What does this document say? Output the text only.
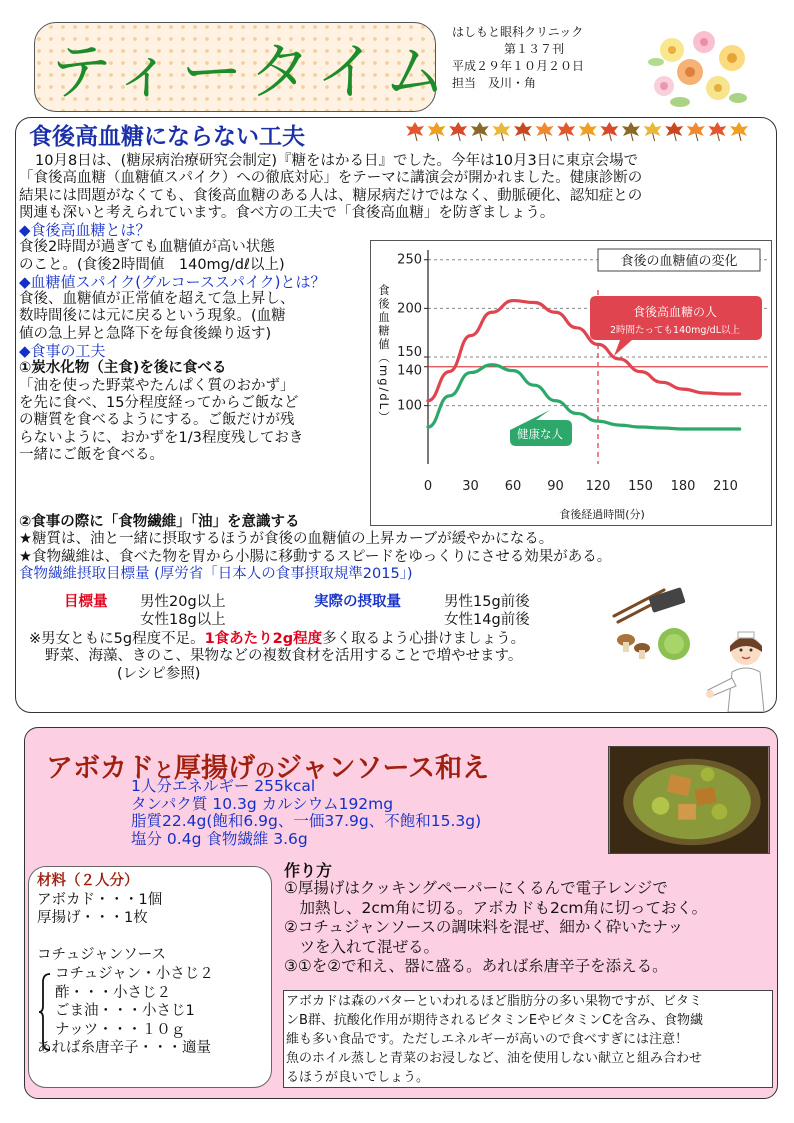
ティータイム
はしもと眼科クリニック
第１３７刊
平成２９年１０月２０日
担当　及川・角
食後高血糖にならない工夫
10月8日は、(糖尿病治療研究会制定)『糖をはかる日』でした。今年は10月3日に東京会場で
「食後高血糖（血糖値スパイク）への徹底対応」をテーマに講演会が開かれました。健康診断の
結果には問題がなくても、食後高血糖のある人は、糖尿病だけではなく、動脈硬化、認知症との
関連も深いと考えられています。食べ方の工夫で「食後高血糖」を防ぎましょう。
◆食後高血糖とは？
食後2時間が過ぎても血糖値が高い状態
のこと。(食後2時間値　140mg/dℓ以上)
◆血糖値スパイク(グルコーススパイク)とは？
食後、血糖値が正常値を超えて急上昇し、
数時間後には元に戻るという現象。(血糖
値の急上昇と急降下を毎食後繰り返す)
◆食事の工夫
①炭水化物（主食)を後に食べる
「油を使った野菜やたんぱく質のおかず」
を先に食べ、15分程度経ってからご飯など
の糖質を食べるようにする。ご飯だけが残
らないように、おかずを1/3程度残しておき
一緒にご飯を食べる。
②食事の際に「食物繊維」「油」を意識する
★糖質は、油と一緒に摂取するほうが食後の血糖値の上昇カーブが緩やかになる。
★食物繊維は、食べた物を胃から小腸に移動するスピードをゆっくりにさせる効果がある。
食物繊維摂取目標量 (厚労省「日本人の食事摂取規準2015」)
目標量 男性20g以上	実際の摂取量	男性15g前後
女性18g以上	女性14g前後
※男女ともに5g程度不足。1食あたり2g程度多く取るよう心掛けましょう。
野菜、海藻、きのこ、果物などの複数食材を活用することで増やせます。
(レシピ参照)
100
140
150
200
250
0 30 60 90 120 150 180 210
食後の血糖値の変化
食後血糖値（mg/dL）
食後経過時間(分)
食後高血糖の人
2時間たっても140mg/dL以上
健康な人
アボカドと厚揚げのジャンソース和え
1人分エネルギー 255kcal
タンパク質 10.3g カルシウム192mg
脂質22.4g(飽和6.9g、一価37.9g、不飽和15.3g)
塩分 0.4g 食物繊維 3.6g
材料（２人分）
アボカド・・・1個
厚揚げ・・・1枚
コチュジャンソース
コチュジャン・小さじ２
酢・・・小さじ２
ごま油・・・小さじ1
ナッツ・・・１０ｇ
あれば糸唐辛子・・・適量
作り方
①厚揚げはクッキングペーパーにくるんで電子レンジで
　加熱し、2cm角に切る。アボカドも2cm角に切っておく。
②コチュジャンソースの調味料を混ぜ、細かく砕いたナッ
　ツを入れて混ぜる。
③①を②で和え、器に盛る。あれば糸唐辛子を添える。
アボカドは森のバターといわれるほど脂肪分の多い果物ですが、ビタミ
ンB群、抗酸化作用が期待されるビタミンEやビタミンCを含み、食物繊
維も多い食品です。ただしエネルギーが高いので食べすぎには注意！
魚のホイル蒸しと青菜のお浸しなど、油を使用しない献立と組み合わせ
るほうが良いでしょう。
